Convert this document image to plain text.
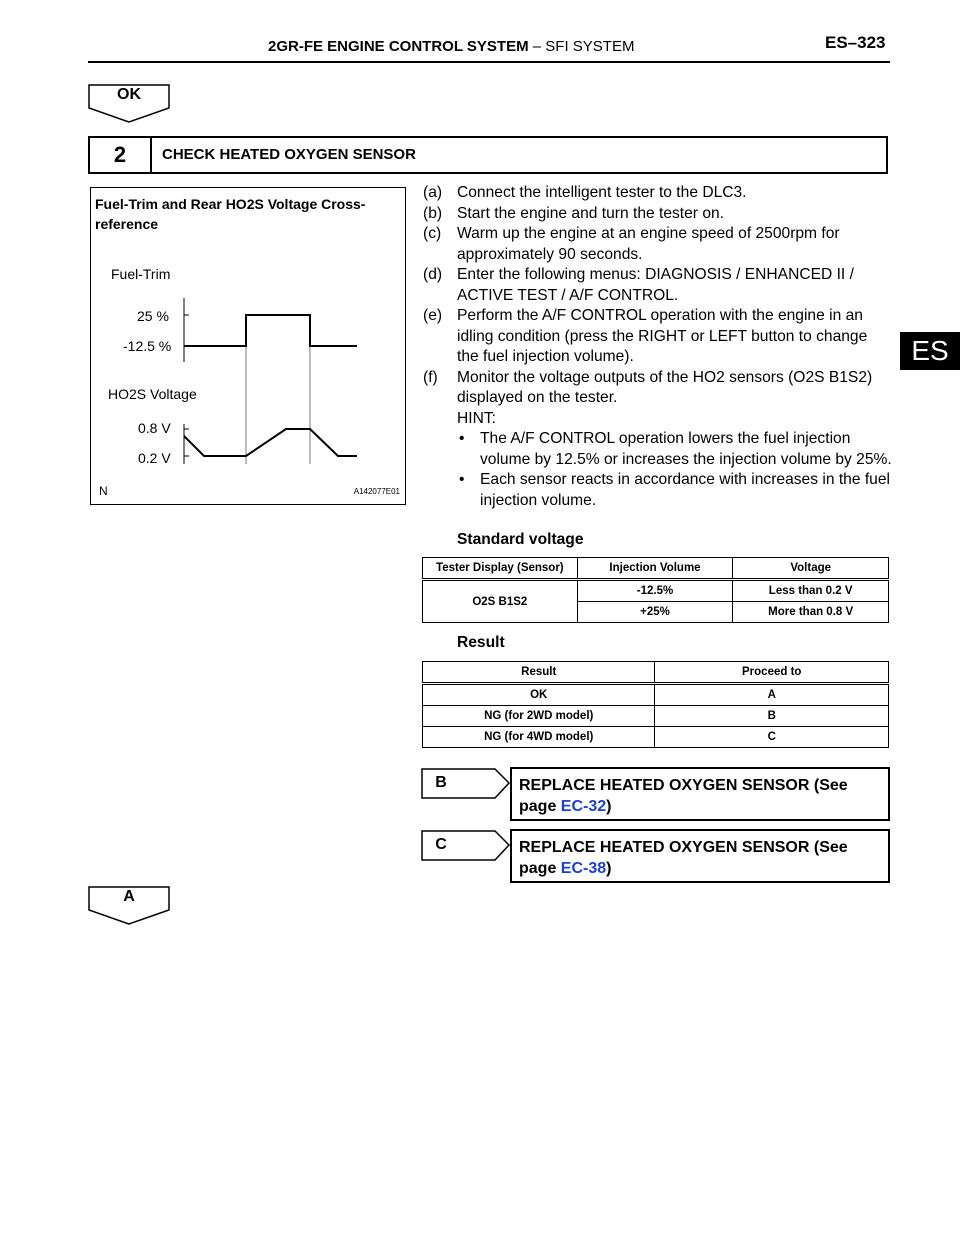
2GR-FE ENGINE CONTROL SYSTEM – SFI SYSTEM	ES–323
ES
OK
2	CHECK HEATED OXYGEN SENSOR
Fuel-Trim and Rear HO2S Voltage Cross-reference
Fuel-Trim
25 %
-12.5 %
HO2S Voltage
0.8 V
0.2 V
N	A142077E01
(a) Connect the intelligent tester to the DLC3.
(b) Start the engine and turn the tester on.
(c) Warm up the engine at an engine speed of 2500rpm for approximately 90 seconds.
(d) Enter the following menus: DIAGNOSIS / ENHANCED II / ACTIVE TEST / A/F CONTROL.
(e) Perform the A/F CONTROL operation with the engine in an idling condition (press the RIGHT or LEFT button to change the fuel injection volume).
(f) Monitor the voltage outputs of the HO2 sensors (O2S B1S2) displayed on the tester.
HINT:
• The A/F CONTROL operation lowers the fuel injection volume by 12.5% or increases the injection volume by 25%.
• Each sensor reacts in accordance with increases in the fuel injection volume.
Standard voltage
Tester Display (Sensor)	Injection Volume	Voltage
O2S B1S2	-12.5%	Less than 0.2 V
	+25%	More than 0.8 V
Result
Result	Proceed to
OK	A
NG (for 2WD model)	B
NG (for 4WD model)	C
B	REPLACE HEATED OXYGEN SENSOR (See page EC-32)
C	REPLACE HEATED OXYGEN SENSOR (See page EC-38)
A
